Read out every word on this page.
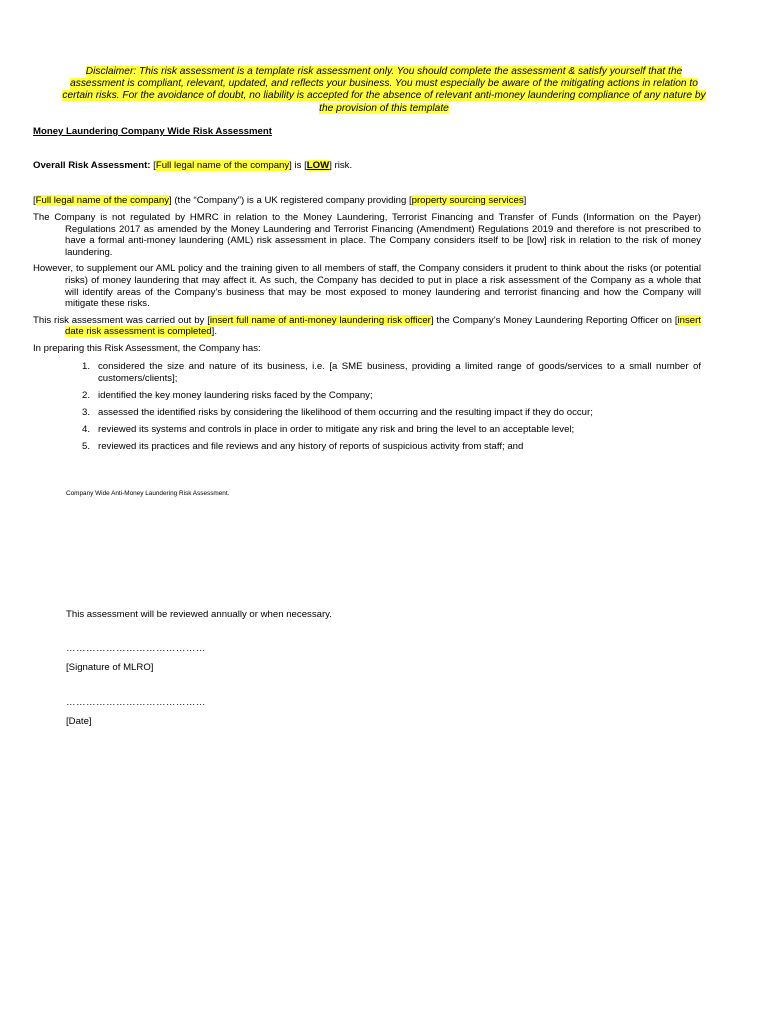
Disclaimer: This risk assessment is a template risk assessment only. You should complete the assessment & satisfy yourself that the assessment is compliant, relevant, updated, and reflects your business. You must especially be aware of the mitigating actions in relation to certain risks. For the avoidance of doubt, no liability is accepted for the absence of relevant anti-money laundering compliance of any nature by the provision of this template
Money Laundering Company Wide Risk Assessment
Overall Risk Assessment: [Full legal name of the company] is [LOW] risk.
[Full legal name of the company] (the “Company”) is a UK registered company providing [property sourcing services]

The Company is not regulated by HMRC in relation to the Money Laundering, Terrorist Financing and Transfer of Funds (Information on the Payer) Regulations 2017 as amended by the Money Laundering and Terrorist Financing (Amendment) Regulations 2019 and therefore is not prescribed to have a formal anti-money laundering (AML) risk assessment in place. The Company considers itself to be [low] risk in relation to the risk of money laundering.

However, to supplement our AML policy and the training given to all members of staff, the Company considers it prudent to think about the risks (or potential risks) of money laundering that may affect it. As such, the Company has decided to put in place a risk assessment of the Company as a whole that will identify areas of the Company’s business that may be most exposed to money laundering and terrorist financing and how the Company will mitigate these risks.

This risk assessment was carried out by [insert full name of anti-money laundering risk officer] the Company’s Money Laundering Reporting Officer on [insert date risk assessment is completed].

In preparing this Risk Assessment, the Company has:

1. considered the size and nature of its business, i.e. [a SME business, providing a limited range of goods/services to a small number of customers/clients];
2. identified the key money laundering risks faced by the Company;
3. assessed the identified risks by considering the likelihood of them occurring and the resulting impact if they do occur;
4. reviewed its systems and controls in place in order to mitigate any risk and bring the level to an acceptable level;
5. reviewed its practices and file reviews and any history of reports of suspicious activity from staff; and
Company Wide Anti-Money Laundering Risk Assessment.
This assessment will be reviewed annually or when necessary.
……………………………………
[Signature of MLRO]
……………………………………
[Date]
